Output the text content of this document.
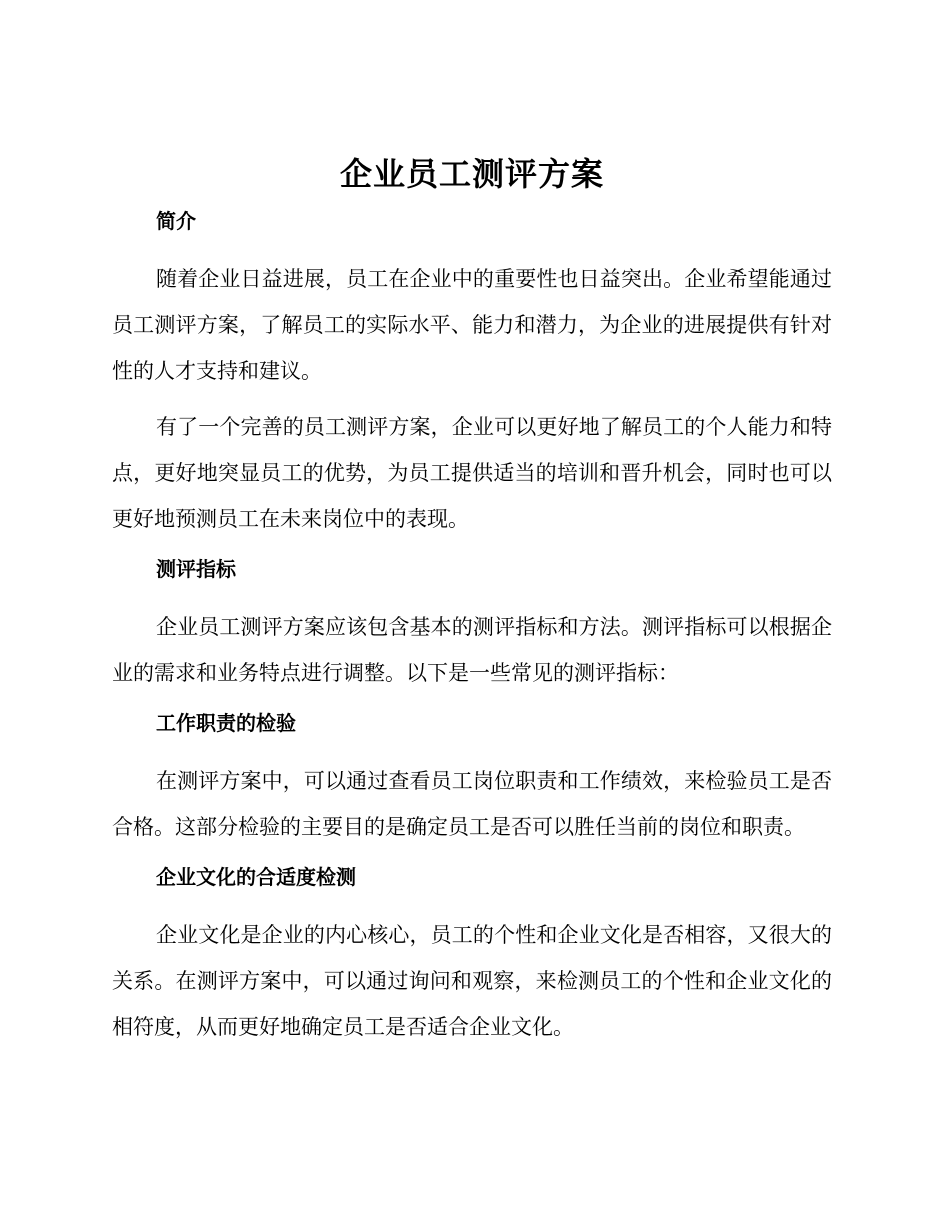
企业员工测评方案
简介

随着企业日益进展，员工在企业中的重要性也日益突出。企业希望能通过员工测评方案，了解员工的实际水平、能力和潜力，为企业的进展提供有针对性的人才支持和建议。

有了一个完善的员工测评方案，企业可以更好地了解员工的个人能力和特点，更好地突显员工的优势，为员工提供适当的培训和晋升机会，同时也可以更好地预测员工在未来岗位中的表现。

测评指标

企业员工测评方案应该包含基本的测评指标和方法。测评指标可以根据企业的需求和业务特点进行调整。以下是一些常见的测评指标：

工作职责的检验

在测评方案中，可以通过查看员工岗位职责和工作绩效，来检验员工是否合格。这部分检验的主要目的是确定员工是否可以胜任当前的岗位和职责。

企业文化的合适度检测

企业文化是企业的内心核心，员工的个性和企业文化是否相容，又很大的关系。在测评方案中，可以通过询问和观察，来检测员工的个性和企业文化的相符度，从而更好地确定员工是否适合企业文化。
